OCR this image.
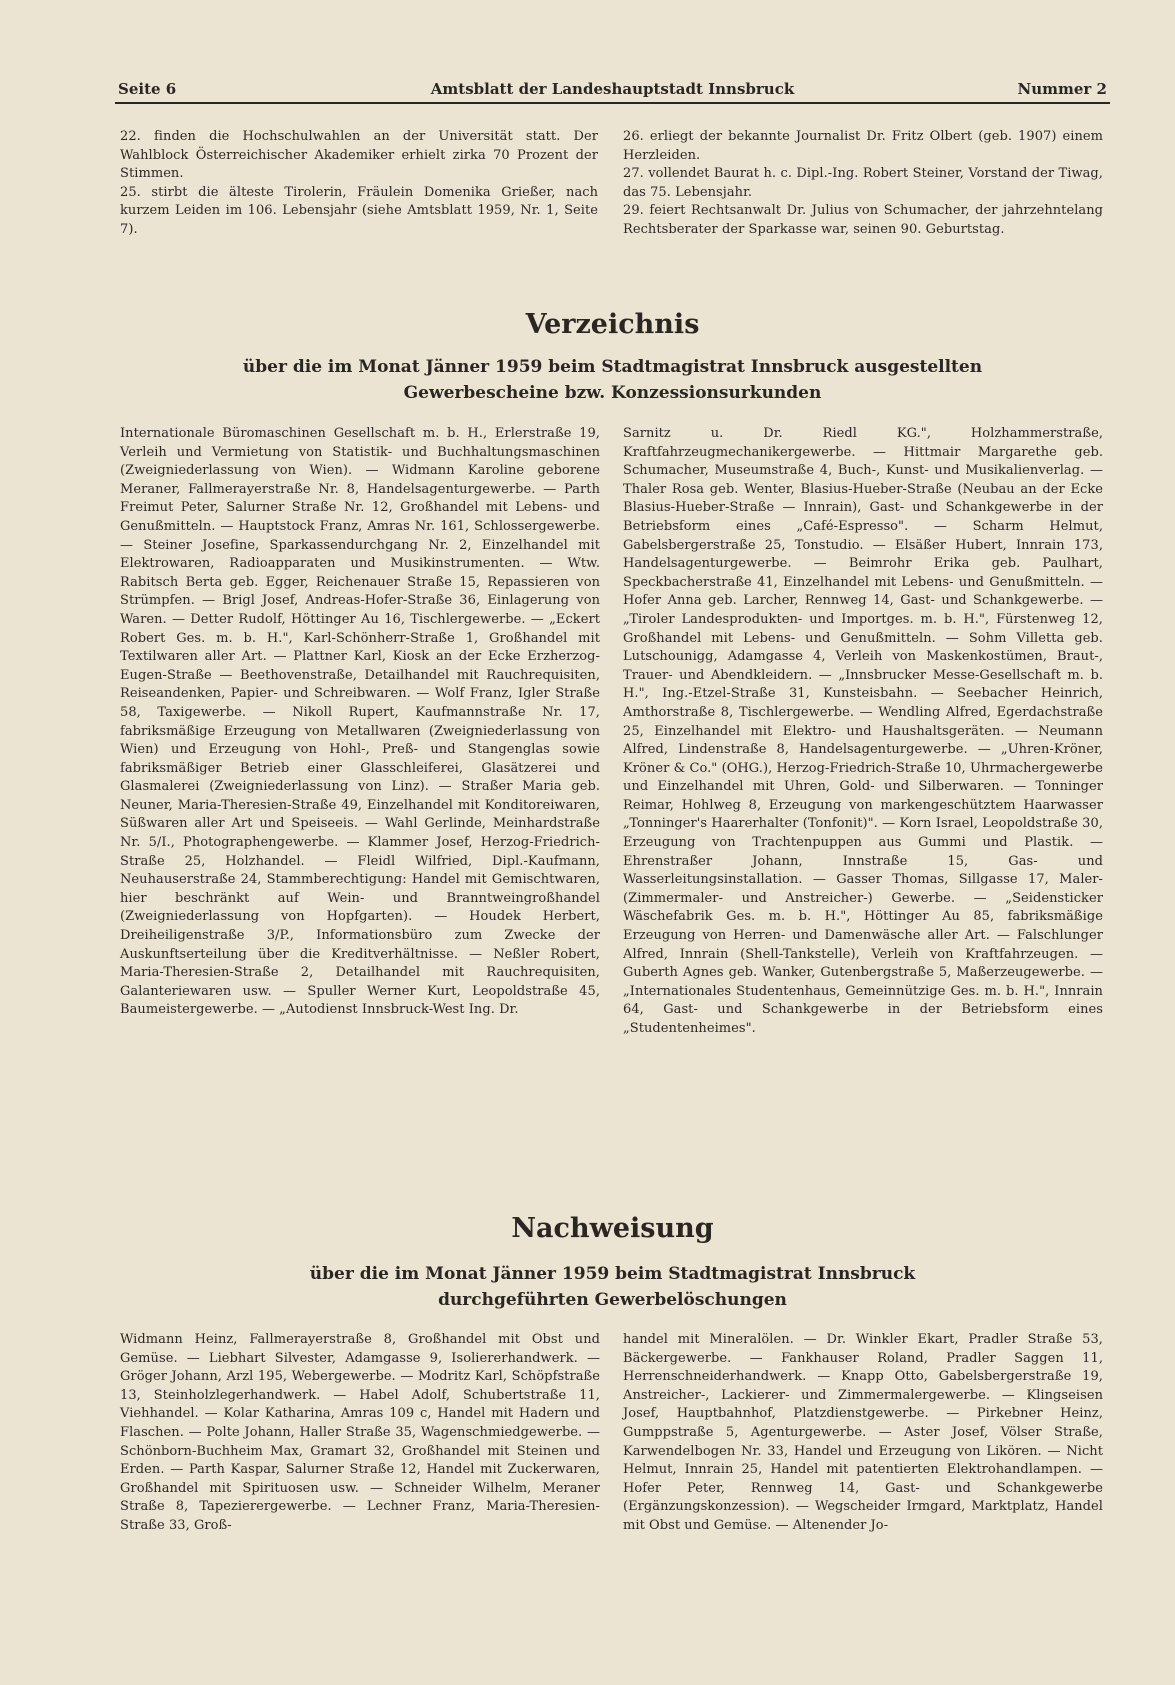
Seite 6	Amtsblatt der Landeshauptstadt Innsbruck	Nummer 2

22. finden die Hochschulwahlen an der Universität statt. Der Wahlblock Österreichischer Akademiker erhielt zirka 70 Prozent der Stimmen.

25. stirbt die älteste Tirolerin, Fräulein Domenika Grießer, nach kurzem Leiden im 106. Lebensjahr (siehe Amtsblatt 1959, Nr. 1, Seite 7).

26. erliegt der bekannte Journalist Dr. Fritz Olbert (geb. 1907) einem Herzleiden.

27. vollendet Baurat h. c. Dipl.-Ing. Robert Steiner, Vorstand der Tiwag, das 75. Lebensjahr.

29. feiert Rechtsanwalt Dr. Julius von Schumacher, der jahrzehntelang Rechtsberater der Sparkasse war, seinen 90. Geburtstag.

Verzeichnis
über die im Monat Jänner 1959 beim Stadtmagistrat Innsbruck ausgestellten
Gewerbescheine bzw. Konzessionsurkunden

Internationale Büromaschinen Gesellschaft m. b. H., Erlerstraße 19, Verleih und Vermietung von Statistik- und Buchhaltungsmaschinen (Zweigniederlassung von Wien). — Widmann Karoline geborene Meraner, Fallmerayerstraße Nr. 8, Handelsagenturgewerbe. — Parth Freimut Peter, Salurner Straße Nr. 12, Großhandel mit Lebens- und Genußmitteln. — Hauptstock Franz, Amras Nr. 161, Schlossergewerbe. — Steiner Josefine, Sparkassendurchgang Nr. 2, Einzelhandel mit Elektrowaren, Radioapparaten und Musikinstrumenten. — Wtw. Rabitsch Berta geb. Egger, Reichenauer Straße 15, Repassieren von Strümpfen. — Brigl Josef, Andreas-Hofer-Straße 36, Einlagerung von Waren. — Detter Rudolf, Höttinger Au 16, Tischlergewerbe. — „Eckert Robert Ges. m. b. H.", Karl-Schönherr-Straße 1, Großhandel mit Textilwaren aller Art. — Plattner Karl, Kiosk an der Ecke Erzherzog-Eugen-Straße — Beethovenstraße, Detailhandel mit Rauchrequisiten, Reiseandenken, Papier- und Schreibwaren. — Wolf Franz, Igler Straße 58, Taxigewerbe. — Nikoll Rupert, Kaufmannstraße Nr. 17, fabriksmäßige Erzeugung von Metallwaren (Zweigniederlassung von Wien) und Erzeugung von Hohl-, Preß- und Stangenglas sowie fabriksmäßiger Betrieb einer Glasschleiferei, Glasätzerei und Glasmalerei (Zweigniederlassung von Linz). — Straßer Maria geb. Neuner, Maria-Theresien-Straße 49, Einzelhandel mit Konditoreiwaren, Süßwaren aller Art und Speiseeis. — Wahl Gerlinde, Meinhardstraße Nr. 5/I., Photographengewerbe. — Klammer Josef, Herzog-Friedrich-Straße 25, Holzhandel. — Fleidl Wilfried, Dipl.-Kaufmann, Neuhauserstraße 24, Stammberechtigung: Handel mit Gemischtwaren, hier beschränkt auf Wein- und Branntweingroßhandel (Zweigniederlassung von Hopfgarten). — Houdek Herbert, Dreiheiligenstraße 3/P., Informationsbüro zum Zwecke der Auskunftserteilung über die Kreditverhältnisse. — Neßler Robert, Maria-Theresien-Straße 2, Detailhandel mit Rauchrequisiten, Galanteriewaren usw. — Spuller Werner Kurt, Leopoldstraße 45, Baumeistergewerbe. — „Autodienst Innsbruck-West Ing. Dr.

Sarnitz u. Dr. Riedl KG.", Holzhammerstraße, Kraftfahrzeugmechanikergewerbe. — Hittmair Margarethe geb. Schumacher, Museumstraße 4, Buch-, Kunst- und Musikalienverlag. — Thaler Rosa geb. Wenter, Blasius-Hueber-Straße (Neubau an der Ecke Blasius-Hueber-Straße — Innrain), Gast- und Schankgewerbe in der Betriebsform eines „Café-Espresso". — Scharm Helmut, Gabelsbergerstraße 25, Tonstudio. — Elsäßer Hubert, Innrain 173, Handelsagenturgewerbe. — Beimrohr Erika geb. Paulhart, Speckbacherstraße 41, Einzelhandel mit Lebens- und Genußmitteln. — Hofer Anna geb. Larcher, Rennweg 14, Gast- und Schankgewerbe. — „Tiroler Landesprodukten- und Importges. m. b. H.", Fürstenweg 12, Großhandel mit Lebens- und Genußmitteln. — Sohm Villetta geb. Lutschounigg, Adamgasse 4, Verleih von Maskenkostümen, Braut-, Trauer- und Abendkleidern. — „Innsbrucker Messe-Gesellschaft m. b. H.", Ing.-Etzel-Straße 31, Kunsteisbahn. — Seebacher Heinrich, Amthorstraße 8, Tischlergewerbe. — Wendling Alfred, Egerdachstraße 25, Einzelhandel mit Elektro- und Haushaltsgeräten. — Neumann Alfred, Lindenstraße 8, Handelsagenturgewerbe. — „Uhren-Kröner, Kröner & Co." (OHG.), Herzog-Friedrich-Straße 10, Uhrmachergewerbe und Einzelhandel mit Uhren, Gold- und Silberwaren. — Tonninger Reimar, Hohlweg 8, Erzeugung von markengeschütztem Haarwasser „Tonninger's Haarerhalter (Tonfonit)". — Korn Israel, Leopoldstraße 30, Erzeugung von Trachtenpuppen aus Gummi und Plastik. — Ehrenstraßer Johann, Innstraße 15, Gas- und Wasserleitungsinstallation. — Gasser Thomas, Sillgasse 17, Maler- (Zimmermaler- und Anstreicher-) Gewerbe. — „Seidensticker Wäschefabrik Ges. m. b. H.", Höttinger Au 85, fabriksmäßige Erzeugung von Herren- und Damenwäsche aller Art. — Falschlunger Alfred, Innrain (Shell-Tankstelle), Verleih von Kraftfahrzeugen. — Guberth Agnes geb. Wanker, Gutenbergstraße 5, Maßerzeugewerbe. — „Internationales Studentenhaus, Gemeinnützige Ges. m. b. H.", Innrain 64, Gast- und Schankgewerbe in der Betriebsform eines „Studentenheimes".

Nachweisung
über die im Monat Jänner 1959 beim Stadtmagistrat Innsbruck
durchgeführten Gewerbelöschungen

Widmann Heinz, Fallmerayerstraße 8, Großhandel mit Obst und Gemüse. — Liebhart Silvester, Adamgasse 9, Isoliererhandwerk. — Gröger Johann, Arzl 195, Webergewerbe. — Modritz Karl, Schöpfstraße 13, Steinholzlegerhandwerk. — Habel Adolf, Schubertstraße 11, Viehhandel. — Kolar Katharina, Amras 109 c, Handel mit Hadern und Flaschen. — Polte Johann, Haller Straße 35, Wagenschmiedgewerbe. — Schönborn-Buchheim Max, Gramart 32, Großhandel mit Steinen und Erden. — Parth Kaspar, Salurner Straße 12, Handel mit Zuckerwaren, Großhandel mit Spirituosen usw. — Schneider Wilhelm, Meraner Straße 8, Tapezierergewerbe. — Lechner Franz, Maria-Theresien-Straße 33, Groß-

handel mit Mineralölen. — Dr. Winkler Ekart, Pradler Straße 53, Bäckergewerbe. — Fankhauser Roland, Pradler Saggen 11, Herrenschneiderhandwerk. — Knapp Otto, Gabelsbergerstraße 19, Anstreicher-, Lackierer- und Zimmermalergewerbe. — Klingseisen Josef, Hauptbahnhof, Platzdienstgewerbe. — Pirkebner Heinz, Gumppstraße 5, Agenturgewerbe. — Aster Josef, Völser Straße, Karwendelbogen Nr. 33, Handel und Erzeugung von Likören. — Nicht Helmut, Innrain 25, Handel mit patentierten Elektrohandlampen. — Hofer Peter, Rennweg 14, Gast- und Schankgewerbe (Ergänzungskonzession). — Wegscheider Irmgard, Marktplatz, Handel mit Obst und Gemüse. — Altenender Jo-
